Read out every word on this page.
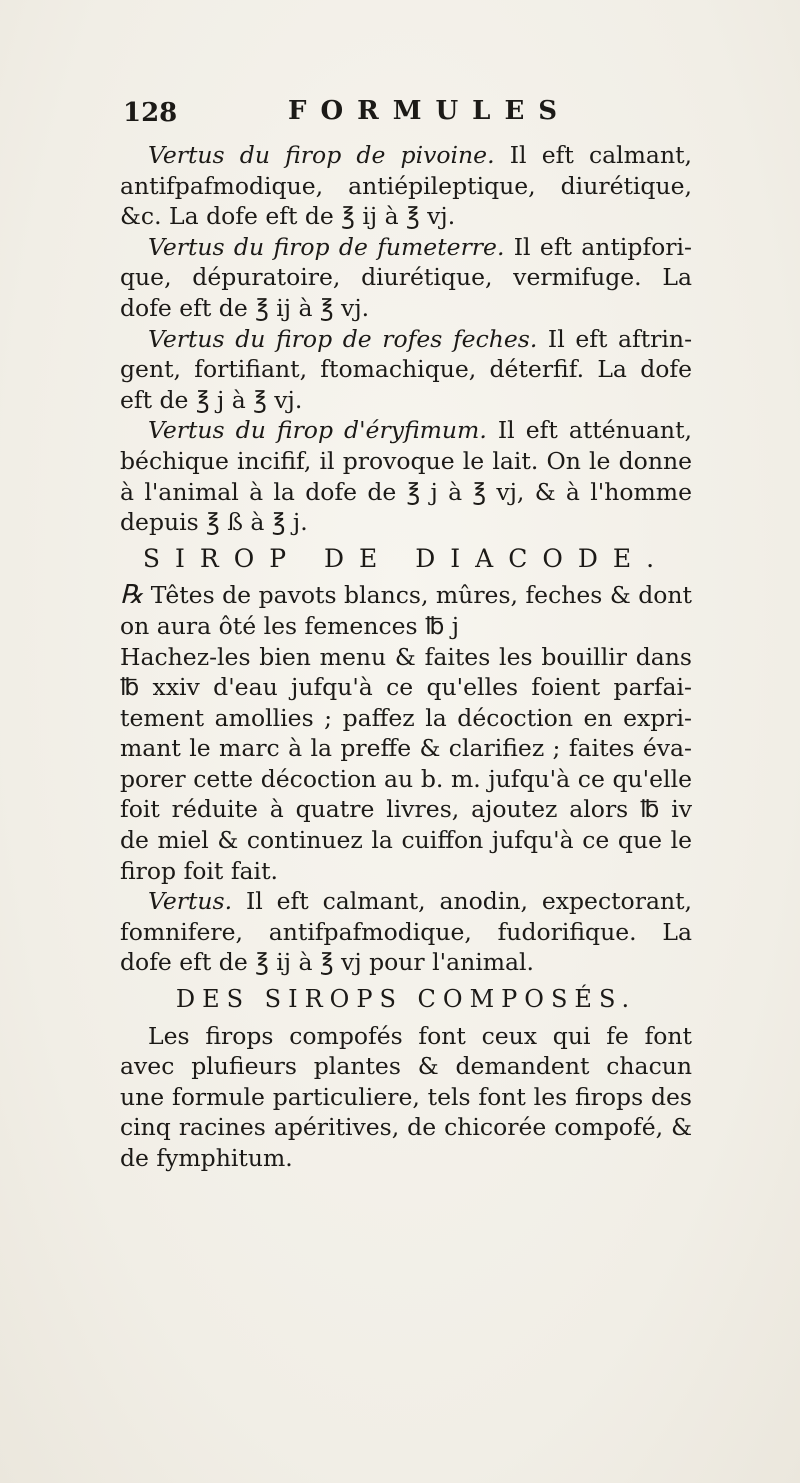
128	FORMULES

Vertus du firop de pivoine. Il eft calmant, antifpafmodique, antiépileptique, diurétique, &c. La dofe eft de ℥ ij à ℥ vj.

Vertus du firop de fumeterre. Il eft antipforique, dépuratoire, diurétique, vermifuge. La dofe eft de ℥ ij à ℥ vj.

Vertus du firop de rofes feches. Il eft aftringent, fortifiant, ftomachique, déterfif. La dofe eft de ℥ j à ℥ vj.

Vertus du firop d'éryfimum. Il eft atténuant, béchique incifif, il provoque le lait. On le donne à l'animal à la dofe de ℥ j à ℥ vj, & à l'homme depuis ℥ ß à ℥ j.

SIROP DE DIACODE.

℞ Têtes de pavots blancs, mûres, feches & dont on aura ôté les femences ℔ j

Hachez-les bien menu & faites les bouillir dans ℔ xxiv d'eau jufqu'à ce qu'elles foient parfaitement amollies ; paffez la décoction en exprimant le marc à la preffe & clarifiez ; faites évaporer cette décoction au b. m. jufqu'à ce qu'elle foit réduite à quatre livres, ajoutez alors ℔ iv de miel & continuez la cuiffon jufqu'à ce que le firop foit fait.

Vertus. Il eft calmant, anodin, expectorant, fomnifere, antifpafmodique, fudorifique. La dofe eft de ℥ ij à ℥ vj pour l'animal.

DES SIROPS COMPOSÉS.

Les firops compofés font ceux qui fe font avec plufieurs plantes & demandent chacun une formule particuliere, tels font les firops des cinq racines apéritives, de chicorée compofé, & de fymphitum.
